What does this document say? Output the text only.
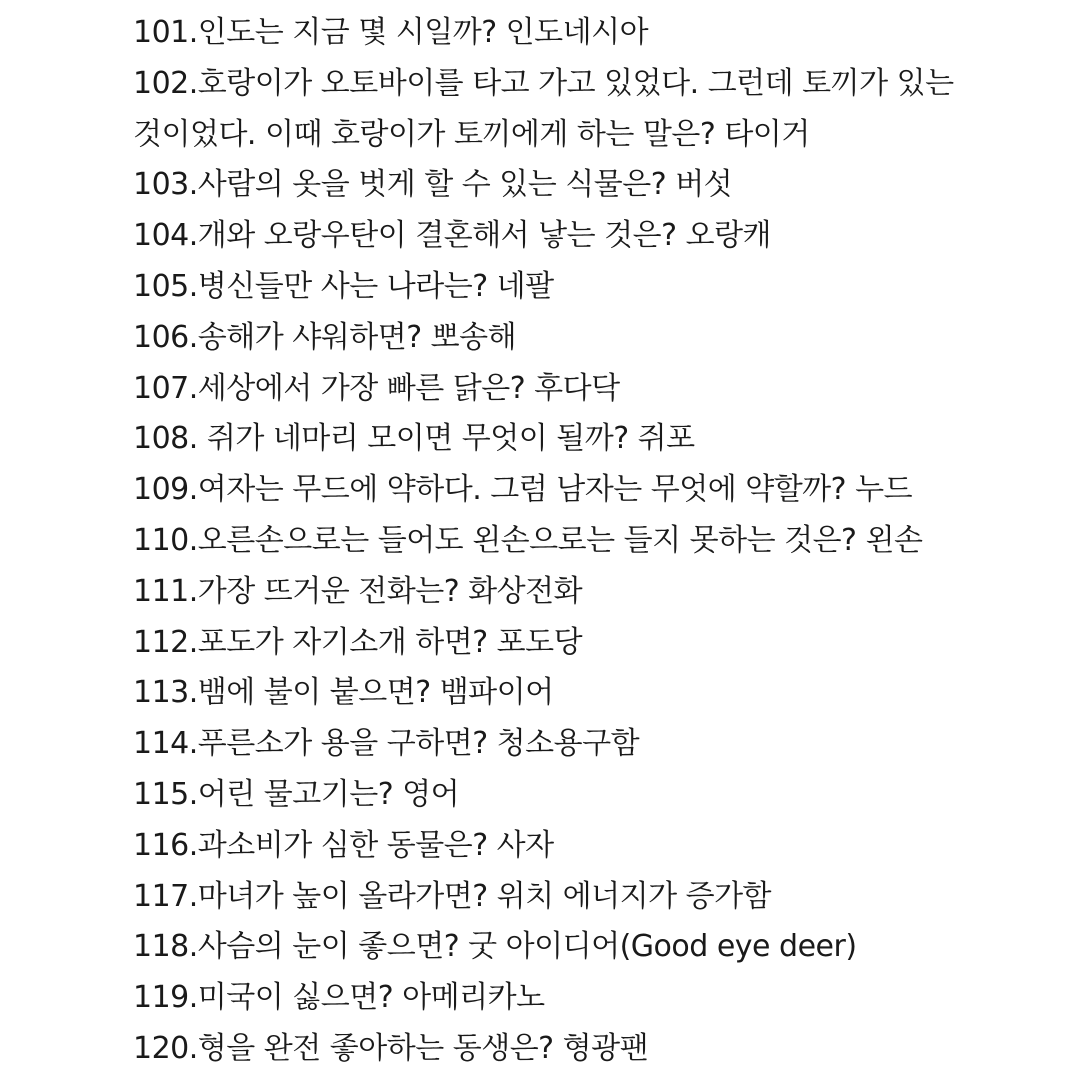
101.인도는 지금 몇 시일까? 인도네시아
102.호랑이가 오토바이를 타고 가고 있었다. 그런데 토끼가 있는
것이었다. 이때 호랑이가 토끼에게 하는 말은? 타이거
103.사람의 옷을 벗게 할 수 있는 식물은? 버섯
104.개와 오랑우탄이 결혼해서 낳는 것은? 오랑캐
105.병신들만 사는 나라는? 네팔
106.송해가 샤워하면? 뽀송해
107.세상에서 가장 빠른 닭은? 후다닥
108. 쥐가 네마리 모이면 무엇이 될까? 쥐포
109.여자는 무드에 약하다. 그럼 남자는 무엇에 약할까? 누드
110.오른손으로는 들어도 왼손으로는 들지 못하는 것은? 왼손
111.가장 뜨거운 전화는? 화상전화
112.포도가 자기소개 하면? 포도당
113.뱀에 불이 붙으면? 뱀파이어
114.푸른소가 용을 구하면? 청소용구함
115.어린 물고기는? 영어
116.과소비가 심한 동물은? 사자
117.마녀가 높이 올라가면? 위치 에너지가 증가함
118.사슴의 눈이 좋으면? 굿 아이디어(Good eye deer)
119.미국이 싫으면? 아메리카노
120.형을 완전 좋아하는 동생은? 형광팬
